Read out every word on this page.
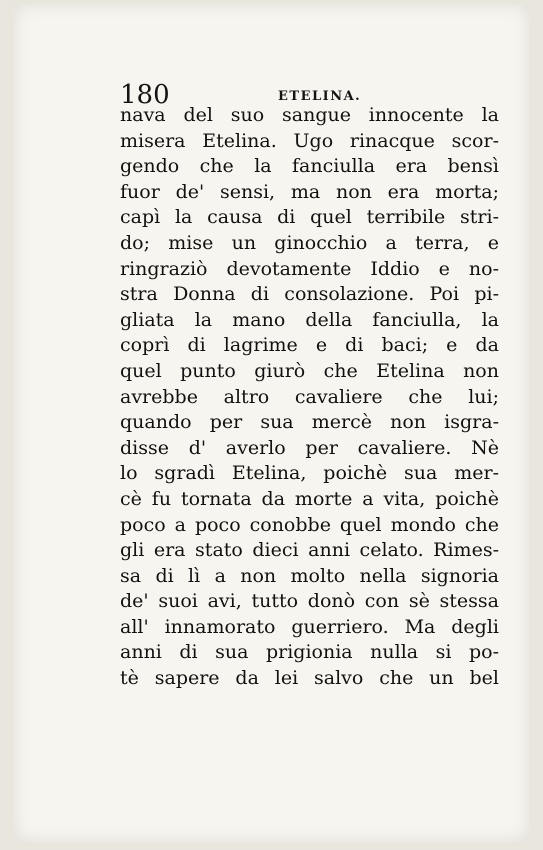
180	ETELINA.
nava del suo sangue innocente la
misera Etelina. Ugo rinacque scor-
gendo che la fanciulla era bensì
fuor de' sensi, ma non era morta;
capì la causa di quel terribile stri-
do; mise un ginocchio a terra, e
ringraziò devotamente Iddio e no-
stra Donna di consolazione. Poi pi-
gliata la mano della fanciulla, la
coprì di lagrime e di baci; e da
quel punto giurò che Etelina non
avrebbe altro cavaliere che lui;
quando per sua mercè non isgra-
disse d' averlo per cavaliere. Nè
lo sgradì Etelina, poichè sua mer-
cè fu tornata da morte a vita, poichè
poco a poco conobbe quel mondo che
gli era stato dieci anni celato. Rimes-
sa di lì a non molto nella signoria
de' suoi avi, tutto donò con sè stessa
all' innamorato guerriero. Ma degli
anni di sua prigionia nulla si po-
tè sapere da lei salvo che un bel
